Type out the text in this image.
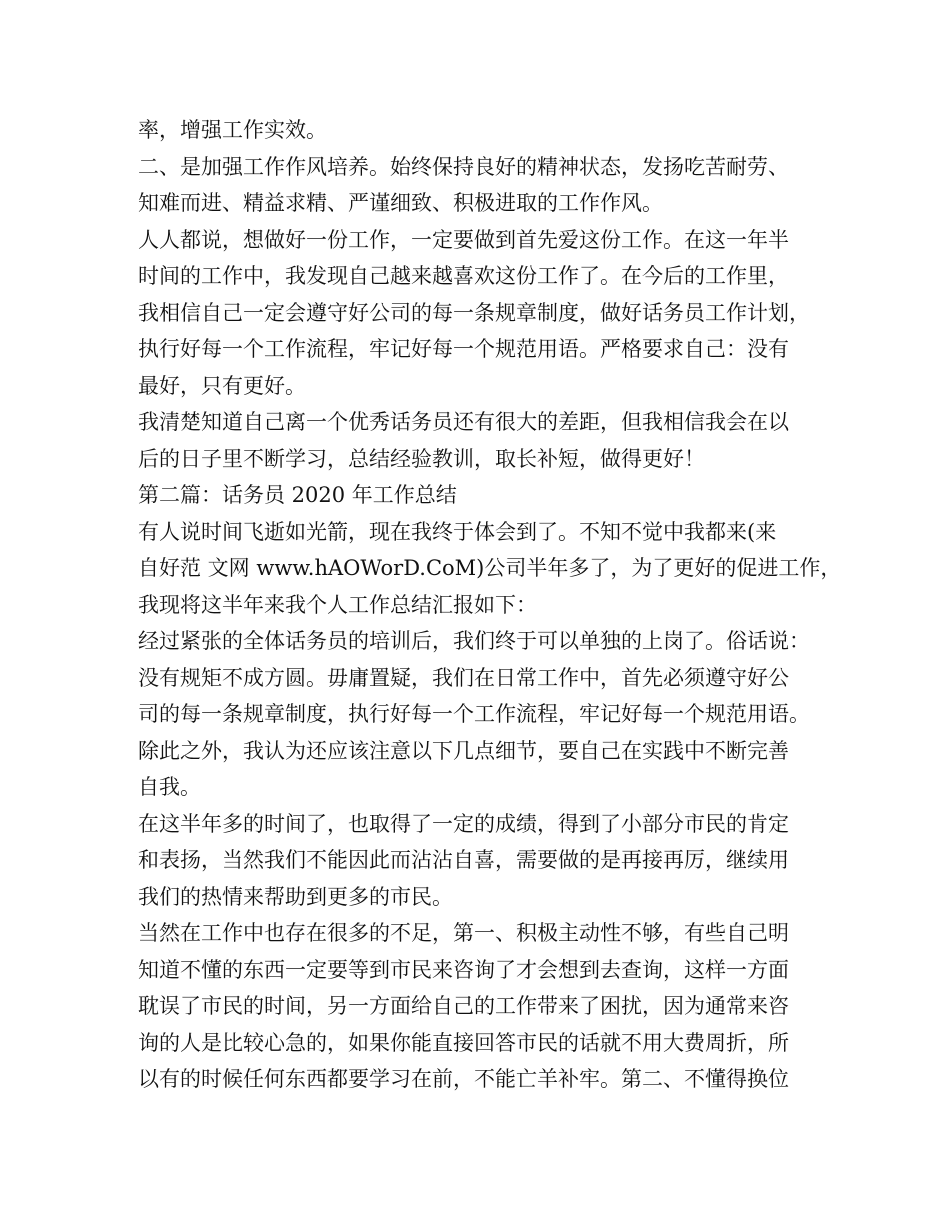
率，增强工作实效。
二、是加强工作作风培养。始终保持良好的精神状态，发扬吃苦耐劳、
知难而进、精益求精、严谨细致、积极进取的工作作风。
人人都说，想做好一份工作，一定要做到首先爱这份工作。在这一年半
时间的工作中，我发现自己越来越喜欢这份工作了。在今后的工作里，
我相信自己一定会遵守好公司的每一条规章制度，做好话务员工作计划，
执行好每一个工作流程，牢记好每一个规范用语。严格要求自己：没有
最好，只有更好。
我清楚知道自己离一个优秀话务员还有很大的差距，但我相信我会在以
后的日子里不断学习，总结经验教训，取长补短，做得更好！
第二篇：话务员 2020 年工作总结
有人说时间飞逝如光箭，现在我终于体会到了。不知不觉中我都来(来
自好范 文网 www.hAOWorD.CoM)公司半年多了，为了更好的促进工作，
我现将这半年来我个人工作总结汇报如下：
经过紧张的全体话务员的培训后，我们终于可以单独的上岗了。俗话说：
没有规矩不成方圆。毋庸置疑，我们在日常工作中，首先必须遵守好公
司的每一条规章制度，执行好每一个工作流程，牢记好每一个规范用语。
除此之外，我认为还应该注意以下几点细节，要自己在实践中不断完善
自我。
在这半年多的时间了，也取得了一定的成绩，得到了小部分市民的肯定
和表扬，当然我们不能因此而沾沾自喜，需要做的是再接再厉，继续用
我们的热情来帮助到更多的市民。
当然在工作中也存在很多的不足，第一、积极主动性不够，有些自己明
知道不懂的东西一定要等到市民来咨询了才会想到去查询，这样一方面
耽误了市民的时间，另一方面给自己的工作带来了困扰，因为通常来咨
询的人是比较心急的，如果你能直接回答市民的话就不用大费周折，所
以有的时候任何东西都要学习在前，不能亡羊补牢。第二、不懂得换位
